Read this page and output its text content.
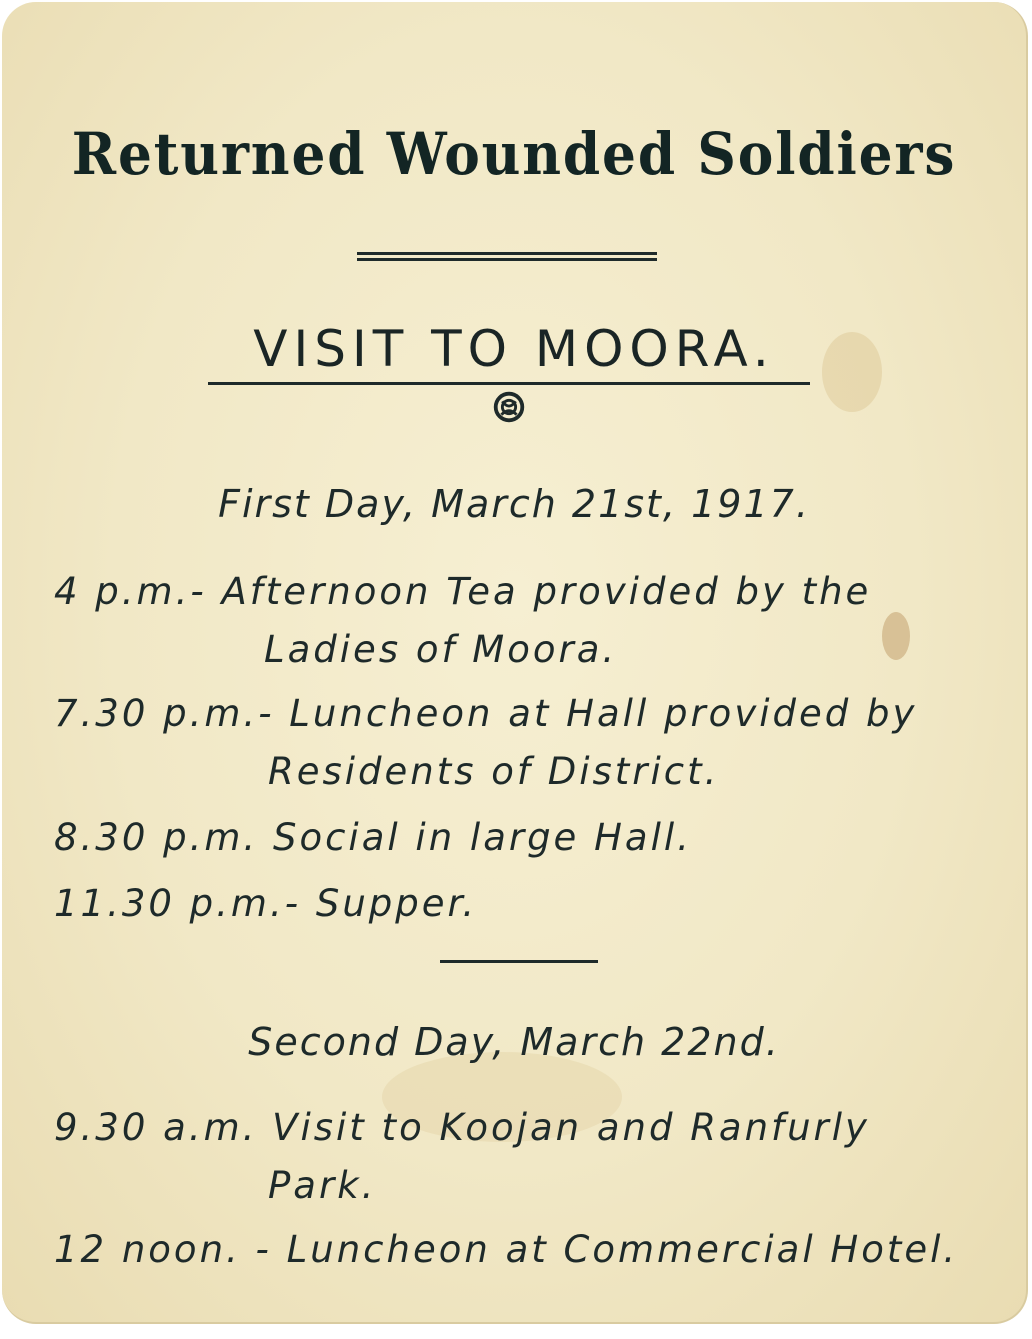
Returned Wounded Soldiers
VISIT TO MOORA.
First Day, March 21st, 1917.
4 p.m.- Afternoon Tea provided by the
Ladies of Moora.
7.30 p.m.- Luncheon at Hall provided by
Residents of District.
8.30 p.m. Social in large Hall.
11.30 p.m.- Supper.
Second Day, March 22nd.
9.30 a.m. Visit to Koojan and Ranfurly
Park.
12 noon. - Luncheon at Commercial Hotel.
